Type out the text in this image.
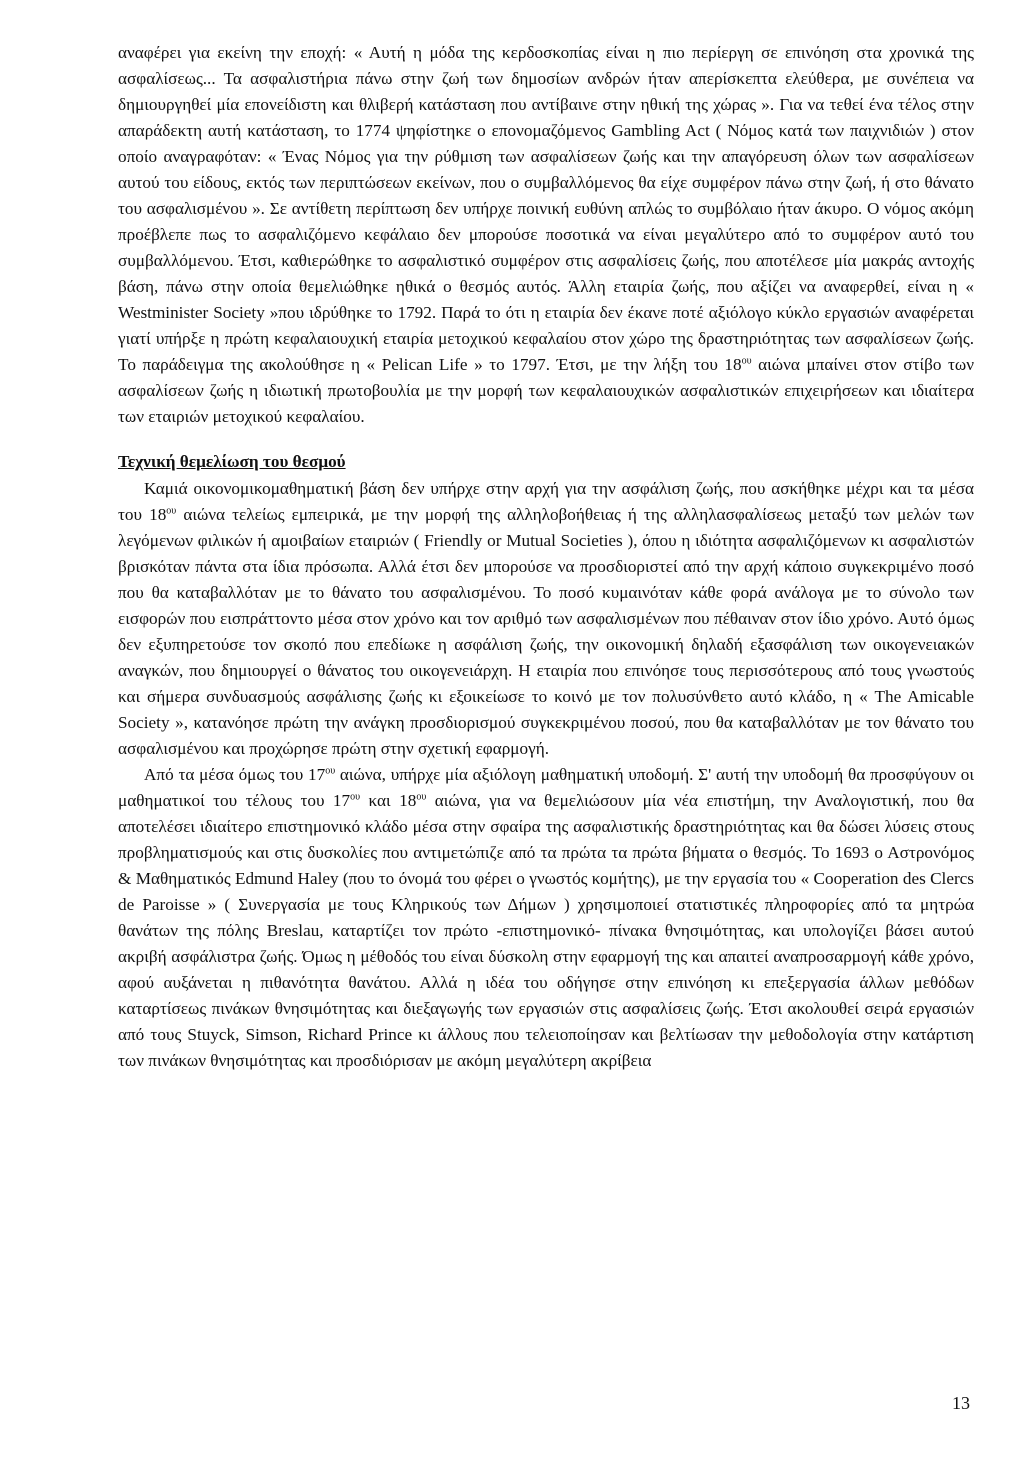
αναφέρει για εκείνη την εποχή: « Αυτή η μόδα της κερδοσκοπίας είναι η πιο περίεργη σε επινόηση στα χρονικά της ασφαλίσεως... Τα ασφαλιστήρια πάνω στην ζωή των δημοσίων ανδρών ήταν απερίσκεπτα ελεύθερα, με συνέπεια να δημιουργηθεί μία επονείδιστη και θλιβερή κατάσταση που αντίβαινε στην ηθική της χώρας ». Για να τεθεί ένα τέλος στην απαράδεκτη αυτή κατάσταση, το 1774 ψηφίστηκε ο επονομαζόμενος Gambling Act ( Νόμος κατά των παιχνιδιών ) στον οποίο αναγραφόταν: « Ένας Νόμος για την ρύθμιση των ασφαλίσεων ζωής και την απαγόρευση όλων των ασφαλίσεων αυτού του είδους, εκτός των περιπτώσεων εκείνων, που ο συμβαλλόμενος θα είχε συμφέρον πάνω στην ζωή, ή στο θάνατο του ασφαλισμένου ». Σε αντίθετη περίπτωση δεν υπήρχε ποινική ευθύνη απλώς το συμβόλαιο ήταν άκυρο. Ο νόμος ακόμη προέβλεπε πως το ασφαλιζόμενο κεφάλαιο δεν μπορούσε ποσοτικά να είναι μεγαλύτερο από το συμφέρον αυτό του συμβαλλόμενου. Έτσι, καθιερώθηκε το ασφαλιστικό συμφέρον στις ασφαλίσεις ζωής, που αποτέλεσε μία μακράς αντοχής βάση, πάνω στην οποία θεμελιώθηκε ηθικά ο θεσμός αυτός. Άλλη εταιρία ζωής, που αξίζει να αναφερθεί, είναι η « Westminister Society »που ιδρύθηκε το 1792. Παρά το ότι η εταιρία δεν έκανε ποτέ αξιόλογο κύκλο εργασιών αναφέρεται γιατί υπήρξε η πρώτη κεφαλαιουχική εταιρία μετοχικού κεφαλαίου στον χώρο της δραστηριότητας των ασφαλίσεων ζωής. Το παράδειγμα της ακολούθησε η « Pelican Life » το 1797. Έτσι, με την λήξη του $18^{o\upsilon}$ αιώνα μπαίνει στον στίβο των ασφαλίσεων ζωής η ιδιωτική πρωτοβουλία με την μορφή των κεφαλαιουχικών ασφαλιστικών επιχειρήσεων και ιδιαίτερα των εταιριών μετοχικού κεφαλαίου.

Τεχνική θεμελίωση του θεσμού

Καμιά οικονομικομαθηματική βάση δεν υπήρχε στην αρχή για την ασφάλιση ζωής, που ασκήθηκε μέχρι και τα μέσα του $18^{o\upsilon}$ αιώνα τελείως εμπειρικά, με την μορφή της αλληλοβοήθειας ή της αλληλασφαλίσεως μεταξύ των μελών των λεγόμενων φιλικών ή αμοιβαίων εταιριών ( Friendly or Mutual Societies ), όπου η ιδιότητα ασφαλιζόμενων κι ασφαλιστών βρισκόταν πάντα στα ίδια πρόσωπα. Αλλά έτσι δεν μπορούσε να προσδιοριστεί από την αρχή κάποιο συγκεκριμένο ποσό που θα καταβαλλόταν με το θάνατο του ασφαλισμένου. Το ποσό κυμαινόταν κάθε φορά ανάλογα με το σύνολο των εισφορών που εισπράττοντο μέσα στον χρόνο και τον αριθμό των ασφαλισμένων που πέθαιναν στον ίδιο χρόνο. Αυτό όμως δεν εξυπηρετούσε τον σκοπό που επεδίωκε η ασφάλιση ζωής, την οικονομική δηλαδή εξασφάλιση των οικογενειακών αναγκών, που δημιουργεί ο θάνατος του οικογενειάρχη. Η εταιρία που επινόησε τους περισσότερους από τους γνωστούς και σήμερα συνδυασμούς ασφάλισης ζωής κι εξοικείωσε το κοινό με τον πολυσύνθετο αυτό κλάδο, η « The Amicable Society », κατανόησε πρώτη την ανάγκη προσδιορισμού συγκεκριμένου ποσού, που θα καταβαλλόταν με τον θάνατο του ασφαλισμένου και προχώρησε πρώτη στην σχετική εφαρμογή.

Από τα μέσα όμως του $17^{o\upsilon}$ αιώνα, υπήρχε μία αξιόλογη μαθηματική υποδομή. Σ' αυτή την υποδομή θα προσφύγουν οι μαθηματικοί του τέλους του $17^{o\upsilon}$ και $18^{o\upsilon}$ αιώνα, για να θεμελιώσουν μία νέα επιστήμη, την Αναλογιστική, που θα αποτελέσει ιδιαίτερο επιστημονικό κλάδο μέσα στην σφαίρα της ασφαλιστικής δραστηριότητας και θα δώσει λύσεις στους προβληματισμούς και στις δυσκολίες που αντιμετώπιζε από τα πρώτα τα πρώτα βήματα ο θεσμός. Το 1693 ο Αστρονόμος & Μαθηματικός Edmund Haley (που το όνομά του φέρει ο γνωστός κομήτης), με την εργασία του « Cooperation des Clercs de Paroisse » ( Συνεργασία με τους Κληρικούς των Δήμων ) χρησιμοποιεί στατιστικές πληροφορίες από τα μητρώα θανάτων της πόλης Breslau, καταρτίζει τον πρώτο -επιστημονικό- πίνακα θνησιμότητας, και υπολογίζει βάσει αυτού ακριβή ασφάλιστρα ζωής. Όμως η μέθοδός του είναι δύσκολη στην εφαρμογή της και απαιτεί αναπροσαρμογή κάθε χρόνο, αφού αυξάνεται η πιθανότητα θανάτου. Αλλά η ιδέα του οδήγησε στην επινόηση κι επεξεργασία άλλων μεθόδων καταρτίσεως πινάκων θνησιμότητας και διεξαγωγής των εργασιών στις ασφαλίσεις ζωής. Έτσι ακολουθεί σειρά εργασιών από τους Stuyck, Simson, Richard Prince κι άλλους που τελειοποίησαν και βελτίωσαν την μεθοδολογία στην κατάρτιση των πινάκων θνησιμότητας και προσδιόρισαν με ακόμη μεγαλύτερη ακρίβεια

13
